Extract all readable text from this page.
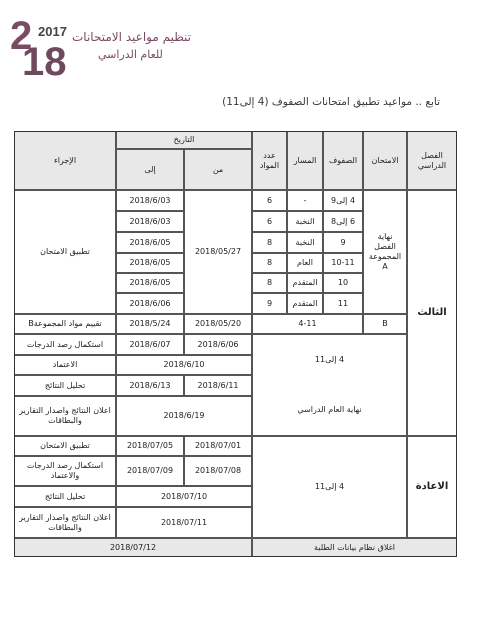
2 2017
18
تنظيم مواعيد الامتحانات
للعام الدراسي
تابع .. مواعيد تطبيق امتحانات الصفوف (4 إلى11)
الفصل الدراسي
الامتحان
الصفوف
المسار
عدد المواد
التاريخ
من
إلى
الإجراء
الثالث
نهاية الفصل المجموعة A
4 إلى9
-
6
2018/6/03
6 إلى8
النخبة
6
2018/6/03
9
النخبة
8
2018/6/05
10-11
العام
8
2018/6/05
10
المتقدم
8
2018/6/05
11
المتقدم
9
2018/6/06
2018/05/27
تطبيق الامتحان
B
4-11
2018/05/20
2018/5/24
تقييم مواد المجموعةB
4 إلى11
نهاية العام الدراسي
2018/6/06
2018/6/07
استكمال رصد الدرجات
2018/6/10
الاعتماد
2018/6/11
2018/6/13
تحليل النتائج
2018/6/19
اعلان النتائج واصدار التقارير والبطاقات
الاعادة
4 إلى11
2018/07/01
2018/07/05
تطبيق الامتحان
2018/07/08
2018/07/09
استكمال رصد الدرجات والاعتماد
2018/07/10
تحليل النتائج
2018/07/11
اعلان النتائج واصدار التقارير والبطاقات
اغلاق نظام بيانات الطلبة
2018/07/12
